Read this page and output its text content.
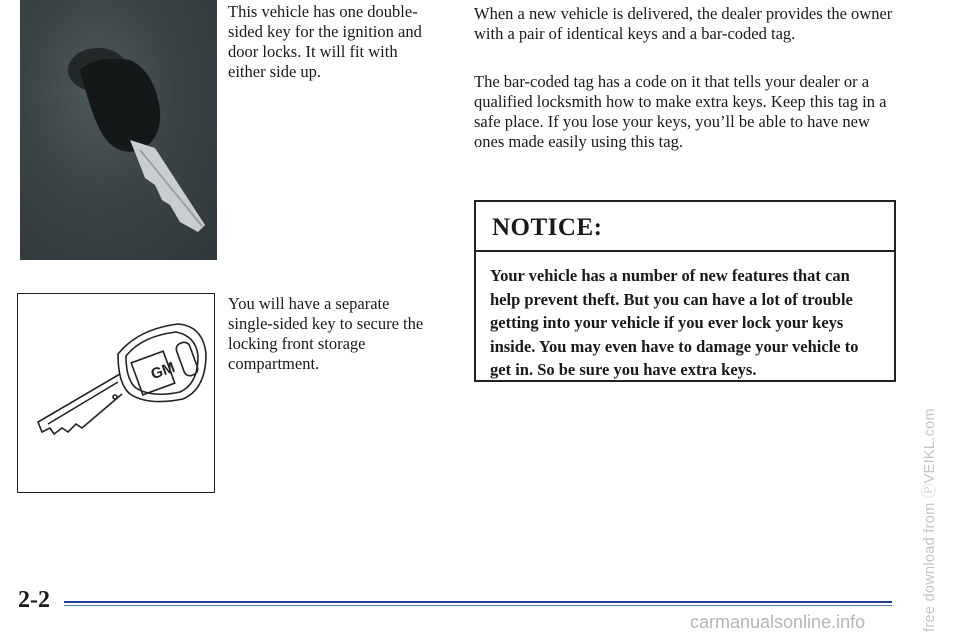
This vehicle has one double-sided key for the ignition and door locks. It will fit with either side up.

GM

You will have a separate single-sided key to secure the locking front storage compartment.

When a new vehicle is delivered, the dealer provides the owner with a pair of identical keys and a bar-coded tag.

The bar-coded tag has a code on it that tells your dealer or a qualified locksmith how to make extra keys. Keep this tag in a safe place. If you lose your keys, you’ll be able to have new ones made easily using this tag.

NOTICE:
Your vehicle has a number of new features that can help prevent theft. But you can have a lot of trouble getting into your vehicle if you ever lock your keys inside. You may even have to damage your vehicle to get in. So be sure you have extra keys.
2-2	free download from ⓅVEIKL.com
carmanualsonline.info
